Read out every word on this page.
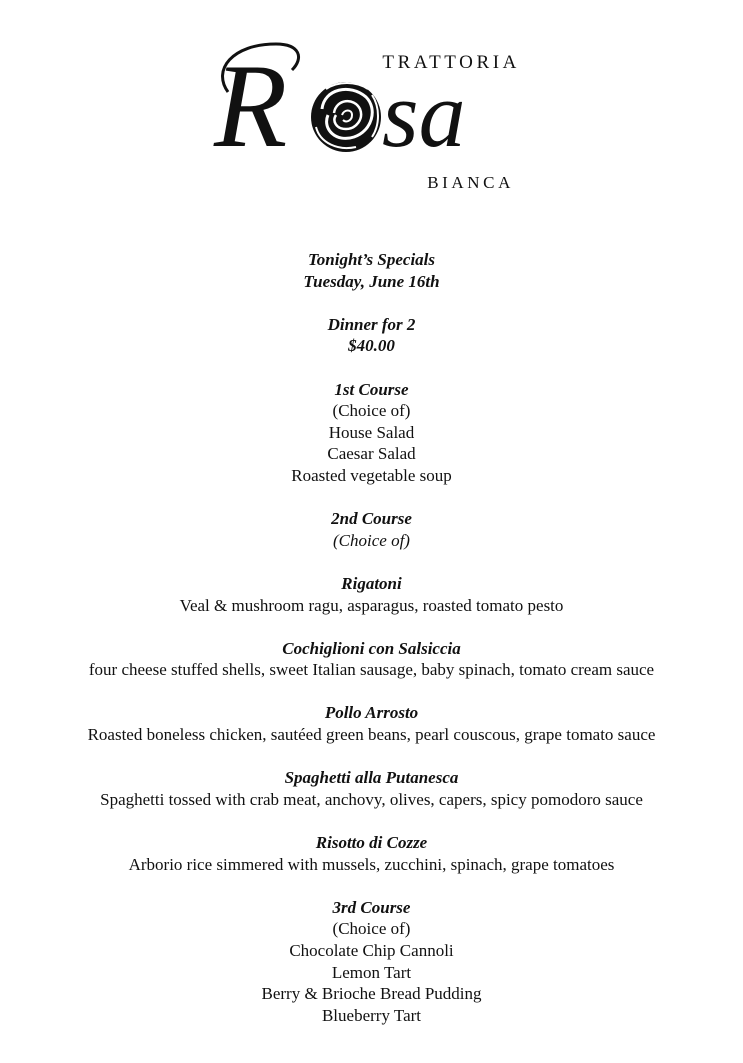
TRATTORIA
R sa
BIANCA
Tonight’s Specials
Tuesday, June 16th
Dinner for 2
$40.00
1st Course
(Choice of)
House Salad
Caesar Salad
Roasted vegetable soup
2nd Course
(Choice of)
Rigatoni
Veal & mushroom ragu, asparagus, roasted tomato pesto
Cochiglioni con Salsiccia
four cheese stuffed shells, sweet Italian sausage, baby spinach, tomato cream sauce
Pollo Arrosto
Roasted boneless chicken, sautéed green beans, pearl couscous, grape tomato sauce
Spaghetti alla Putanesca
Spaghetti tossed with crab meat, anchovy, olives, capers, spicy pomodoro sauce
Risotto di Cozze
Arborio rice simmered with mussels, zucchini, spinach, grape tomatoes
3rd Course
(Choice of)
Chocolate Chip Cannoli
Lemon Tart
Berry & Brioche Bread Pudding
Blueberry Tart
